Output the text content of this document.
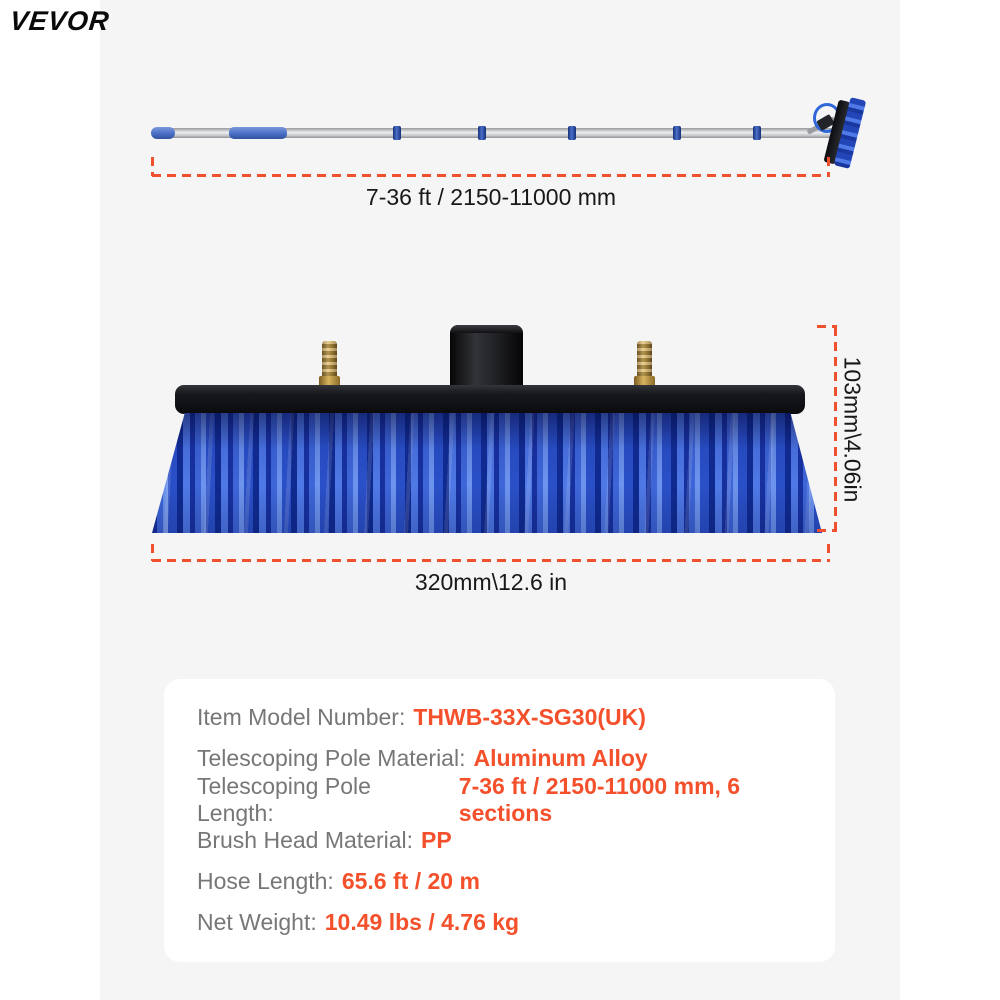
VEVOR
7-36 ft / 2150-11000 mm
103mm\4.06in
320mm\12.6 in
Item Model Number: THWB-33X-SG30(UK)
Telescoping Pole Material: Aluminum Alloy
Telescoping Pole Length:
7-36 ft / 2150-11000 mm, 6 sections
Brush Head Material: PP
Hose Length: 65.6 ft / 20 m
Net Weight: 10.49 lbs / 4.76 kg
